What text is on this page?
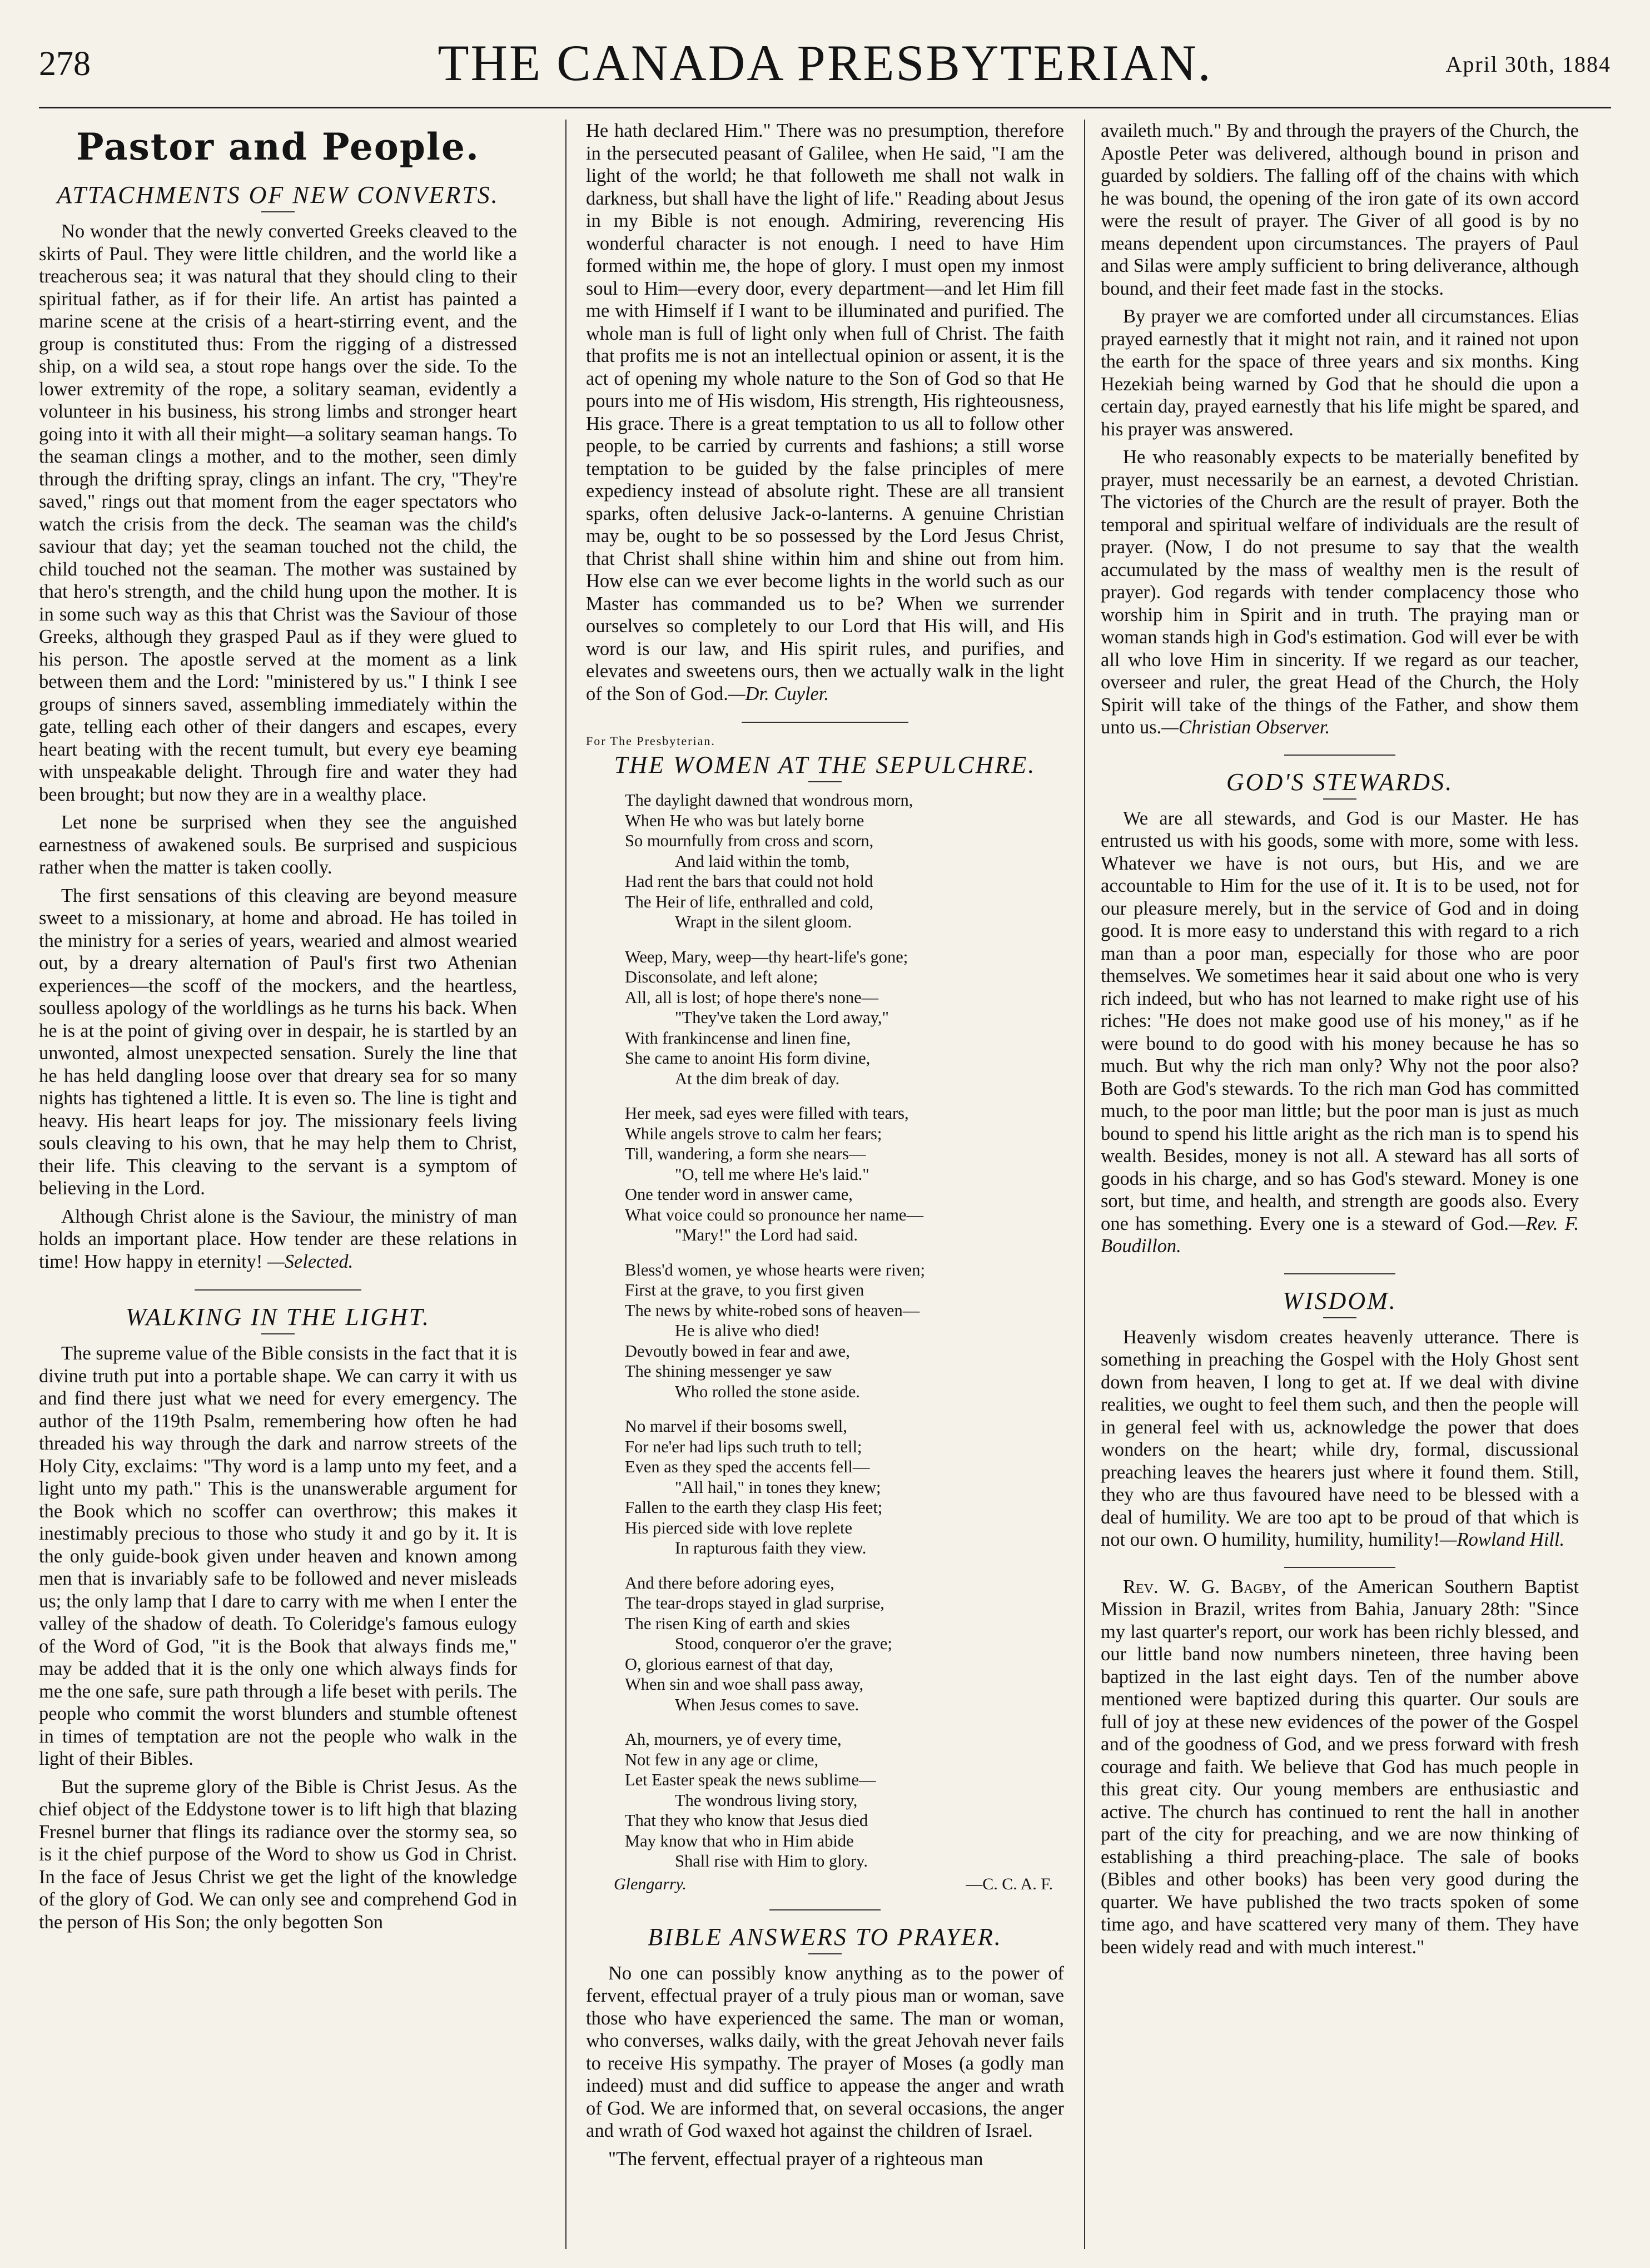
278	THE CANADA PRESBYTERIAN.	April 30th, 1884
Pastor and People.
ATTACHMENTS OF NEW CONVERTS.

No wonder that the newly converted Greeks cleaved to the skirts of Paul. They were little children, and the world like a treacherous sea; it was natural that they should cling to their spiritual father, as if for their life. An artist has painted a marine scene at the crisis of a heart-stirring event, and the group is constituted thus: From the rigging of a distressed ship, on a wild sea, a stout rope hangs over the side. To the lower extremity of the rope, a solitary seaman, evidently a volunteer in his business, his strong limbs and stronger heart going into it with all their might—a solitary seaman hangs. To the seaman clings a mother, and to the mother, seen dimly through the drifting spray, clings an infant. The cry, "They're saved," rings out that moment from the eager spectators who watch the crisis from the deck. The seaman was the child's saviour that day; yet the seaman touched not the child, the child touched not the seaman. The mother was sustained by that hero's strength, and the child hung upon the mother. It is in some such way as this that Christ was the Saviour of those Greeks, although they grasped Paul as if they were glued to his person. The apostle served at the moment as a link between them and the Lord: "ministered by us." I think I see groups of sinners saved, assembling immediately within the gate, telling each other of their dangers and escapes, every heart beating with the recent tumult, but every eye beaming with unspeakable delight. Through fire and water they had been brought; but now they are in a wealthy place.

Let none be surprised when they see the anguished earnestness of awakened souls. Be surprised and suspicious rather when the matter is taken coolly.

The first sensations of this cleaving are beyond measure sweet to a missionary, at home and abroad. He has toiled in the ministry for a series of years, wearied and almost wearied out, by a dreary alternation of Paul's first two Athenian experiences—the scoff of the mockers, and the heartless, soulless apology of the worldlings as he turns his back. When he is at the point of giving over in despair, he is startled by an unwonted, almost unexpected sensation. Surely the line that he has held dangling loose over that dreary sea for so many nights has tightened a little. It is even so. The line is tight and heavy. His heart leaps for joy. The missionary feels living souls cleaving to his own, that he may help them to Christ, their life. This cleaving to the servant is a symptom of believing in the Lord.

Although Christ alone is the Saviour, the ministry of man holds an important place. How tender are these relations in time! How happy in eternity! —Selected.

WALKING IN THE LIGHT.

The supreme value of the Bible consists in the fact that it is divine truth put into a portable shape. We can carry it with us and find there just what we need for every emergency. The author of the 119th Psalm, remembering how often he had threaded his way through the dark and narrow streets of the Holy City, exclaims: "Thy word is a lamp unto my feet, and a light unto my path." This is the unanswerable argument for the Book which no scoffer can overthrow; this makes it inestimably precious to those who study it and go by it. It is the only guide-book given under heaven and known among men that is invariably safe to be followed and never misleads us; the only lamp that I dare to carry with me when I enter the valley of the shadow of death. To Coleridge's famous eulogy of the Word of God, "it is the Book that always finds me," may be added that it is the only one which always finds for me the one safe, sure path through a life beset with perils. The people who commit the worst blunders and stumble oftenest in times of temptation are not the people who walk in the light of their Bibles.

But the supreme glory of the Bible is Christ Jesus. As the chief object of the Eddystone tower is to lift high that blazing Fresnel burner that flings its radiance over the stormy sea, so is it the chief purpose of the Word to show us God in Christ. In the face of Jesus Christ we get the light of the knowledge of the glory of God. We can only see and comprehend God in the person of His Son; the only begotten Son

He hath declared Him." There was no presumption, therefore in the persecuted peasant of Galilee, when He said, "I am the light of the world; he that followeth me shall not walk in darkness, but shall have the light of life." Reading about Jesus in my Bible is not enough. Admiring, reverencing His wonderful character is not enough. I need to have Him formed within me, the hope of glory. I must open my inmost soul to Him—every door, every department—and let Him fill me with Himself if I want to be illuminated and purified. The whole man is full of light only when full of Christ. The faith that profits me is not an intellectual opinion or assent, it is the act of opening my whole nature to the Son of God so that He pours into me of His wisdom, His strength, His righteousness, His grace. There is a great temptation to us all to follow other people, to be carried by currents and fashions; a still worse temptation to be guided by the false principles of mere expediency instead of absolute right. These are all transient sparks, often delusive Jack-o-lanterns. A genuine Christian may be, ought to be so possessed by the Lord Jesus Christ, that Christ shall shine within him and shine out from him. How else can we ever become lights in the world such as our Master has commanded us to be? When we surrender ourselves so completely to our Lord that His will, and His word is our law, and His spirit rules, and purifies, and elevates and sweetens ours, then we actually walk in the light of the Son of God.—Dr. Cuyler.

For The Presbyterian.
THE WOMEN AT THE SEPULCHRE.
The daylight dawned that wondrous morn,
When He who was but lately borne
So mournfully from cross and scorn,
And laid within the tomb,
Had rent the bars that could not hold
The Heir of life, enthralled and cold,
Wrapt in the silent gloom.
Weep, Mary, weep—thy heart-life's gone;
Disconsolate, and left alone;
All, all is lost; of hope there's none—
"They've taken the Lord away,"
With frankincense and linen fine,
She came to anoint His form divine,
At the dim break of day.
Her meek, sad eyes were filled with tears,
While angels strove to calm her fears;
Till, wandering, a form she nears—
"O, tell me where He's laid."
One tender word in answer came,
What voice could so pronounce her name—
"Mary!" the Lord had said.
Bless'd women, ye whose hearts were riven;
First at the grave, to you first given
The news by white-robed sons of heaven—
He is alive who died!
Devoutly bowed in fear and awe,
The shining messenger ye saw
Who rolled the stone aside.
No marvel if their bosoms swell,
For ne'er had lips such truth to tell;
Even as they sped the accents fell—
"All hail," in tones they knew;
Fallen to the earth they clasp His feet;
His pierced side with love replete
In rapturous faith they view.
And there before adoring eyes,
The tear-drops stayed in glad surprise,
The risen King of earth and skies
Stood, conqueror o'er the grave;
O, glorious earnest of that day,
When sin and woe shall pass away,
When Jesus comes to save.
Ah, mourners, ye of every time,
Not few in any age or clime,
Let Easter speak the news sublime—
The wondrous living story,
That they who know that Jesus died
May know that who in Him abide
Shall rise with Him to glory.
Glengarry.	—C. C. A. F.
BIBLE ANSWERS TO PRAYER.

No one can possibly know anything as to the power of fervent, effectual prayer of a truly pious man or woman, save those who have experienced the same. The man or woman, who converses, walks daily, with the great Jehovah never fails to receive His sympathy. The prayer of Moses (a godly man indeed) must and did suffice to appease the anger and wrath of God. We are informed that, on several occasions, the anger and wrath of God waxed hot against the children of Israel.

"The fervent, effectual prayer of a righteous man

availeth much." By and through the prayers of the Church, the Apostle Peter was delivered, although bound in prison and guarded by soldiers. The falling off of the chains with which he was bound, the opening of the iron gate of its own accord were the result of prayer. The Giver of all good is by no means dependent upon circumstances. The prayers of Paul and Silas were amply sufficient to bring deliverance, although bound, and their feet made fast in the stocks.

By prayer we are comforted under all circumstances. Elias prayed earnestly that it might not rain, and it rained not upon the earth for the space of three years and six months. King Hezekiah being warned by God that he should die upon a certain day, prayed earnestly that his life might be spared, and his prayer was answered.

He who reasonably expects to be materially benefited by prayer, must necessarily be an earnest, a devoted Christian. The victories of the Church are the result of prayer. Both the temporal and spiritual welfare of individuals are the result of prayer. (Now, I do not presume to say that the wealth accumulated by the mass of wealthy men is the result of prayer). God regards with tender complacency those who worship him in Spirit and in truth. The praying man or woman stands high in God's estimation. God will ever be with all who love Him in sincerity. If we regard as our teacher, overseer and ruler, the great Head of the Church, the Holy Spirit will take of the things of the Father, and show them unto us.—Christian Observer.

GOD'S STEWARDS.

We are all stewards, and God is our Master. He has entrusted us with his goods, some with more, some with less. Whatever we have is not ours, but His, and we are accountable to Him for the use of it. It is to be used, not for our pleasure merely, but in the service of God and in doing good. It is more easy to understand this with regard to a rich man than a poor man, especially for those who are poor themselves. We sometimes hear it said about one who is very rich indeed, but who has not learned to make right use of his riches: "He does not make good use of his money," as if he were bound to do good with his money because he has so much. But why the rich man only? Why not the poor also? Both are God's stewards. To the rich man God has committed much, to the poor man little; but the poor man is just as much bound to spend his little aright as the rich man is to spend his wealth. Besides, money is not all. A steward has all sorts of goods in his charge, and so has God's steward. Money is one sort, but time, and health, and strength are goods also. Every one has something. Every one is a steward of God.—Rev. F. Boudillon.

WISDOM.

Heavenly wisdom creates heavenly utterance. There is something in preaching the Gospel with the Holy Ghost sent down from heaven, I long to get at. If we deal with divine realities, we ought to feel them such, and then the people will in general feel with us, acknowledge the power that does wonders on the heart; while dry, formal, discussional preaching leaves the hearers just where it found them. Still, they who are thus favoured have need to be blessed with a deal of humility. We are too apt to be proud of that which is not our own. O humility, humility, humility!—Rowland Hill.

Rev. W. G. Bagby, of the American Southern Baptist Mission in Brazil, writes from Bahia, January 28th: "Since my last quarter's report, our work has been richly blessed, and our little band now numbers nineteen, three having been baptized in the last eight days. Ten of the number above mentioned were baptized during this quarter. Our souls are full of joy at these new evidences of the power of the Gospel and of the goodness of God, and we press forward with fresh courage and faith. We believe that God has much people in this great city. Our young members are enthusiastic and active. The church has continued to rent the hall in another part of the city for preaching, and we are now thinking of establishing a third preaching-place. The sale of books (Bibles and other books) has been very good during the quarter. We have published the two tracts spoken of some time ago, and have scattered very many of them. They have been widely read and with much interest."
